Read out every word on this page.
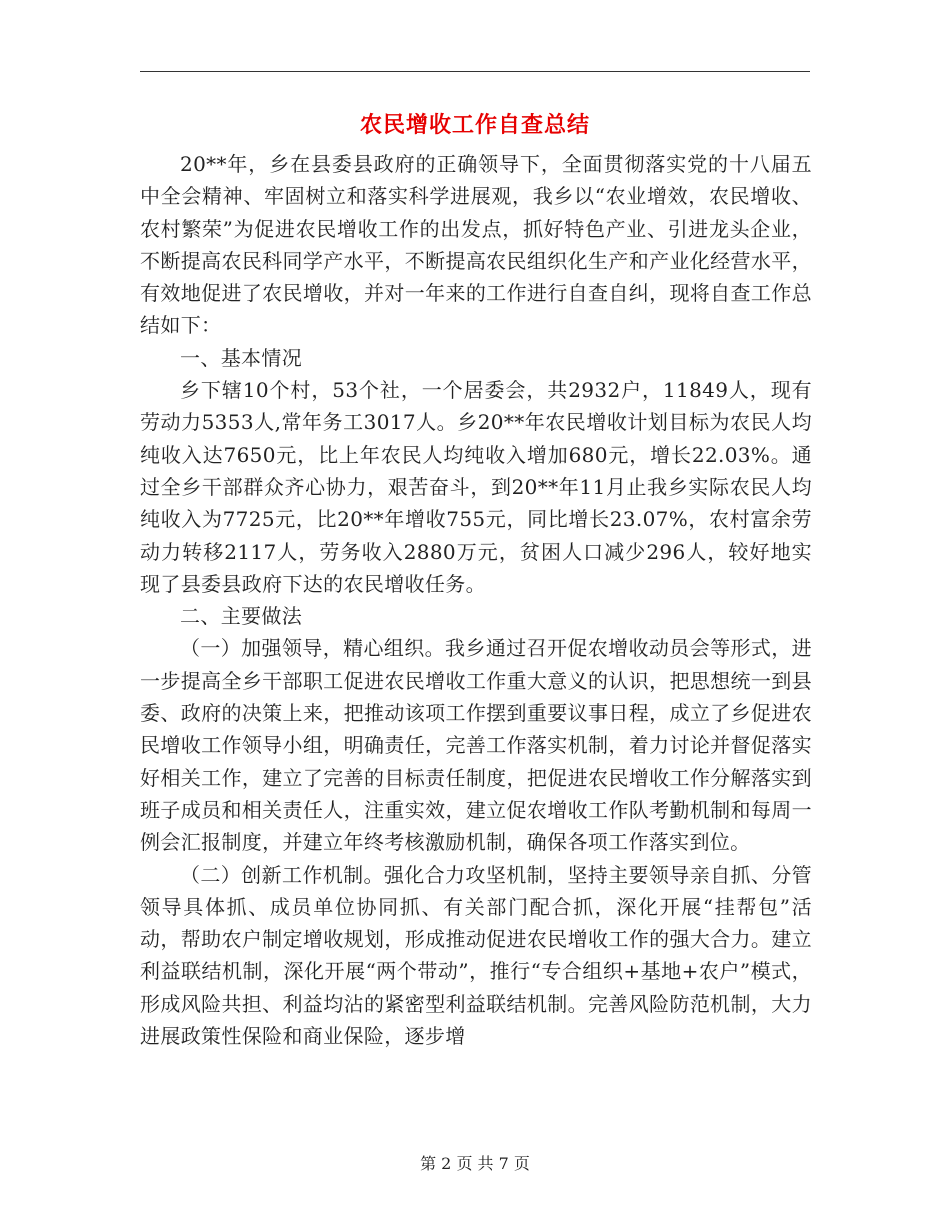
农民增收工作自查总结

20**年，乡在县委县政府的正确领导下，全面贯彻落实党的十八届五中全会精神、牢固树立和落实科学进展观，我乡以“农业增效，农民增收、农村繁荣”为促进农民增收工作的出发点，抓好特色产业、引进龙头企业，不断提高农民科同学产水平，不断提高农民组织化生产和产业化经营水平，有效地促进了农民增收，并对一年来的工作进行自查自纠，现将自查工作总结如下：

一、基本情况

乡下辖10个村，53个社，一个居委会，共2932户，11849人，现有劳动力5353人,常年务工3017人。乡20**年农民增收计划目标为农民人均纯收入达7650元，比上年农民人均纯收入增加680元，增长22.03%。通过全乡干部群众齐心协力，艰苦奋斗，到20**年11月止我乡实际农民人均纯收入为7725元，比20**年增收755元，同比增长23.07%，农村富余劳动力转移2117人，劳务收入2880万元，贫困人口减少296人，较好地实现了县委县政府下达的农民增收任务。

二、主要做法

（一）加强领导，精心组织。我乡通过召开促农增收动员会等形式，进一步提高全乡干部职工促进农民增收工作重大意义的认识，把思想统一到县委、政府的决策上来，把推动该项工作摆到重要议事日程，成立了乡促进农民增收工作领导小组，明确责任，完善工作落实机制，着力讨论并督促落实好相关工作，建立了完善的目标责任制度，把促进农民增收工作分解落实到班子成员和相关责任人，注重实效，建立促农增收工作队考勤机制和每周一例会汇报制度，并建立年终考核激励机制，确保各项工作落实到位。

（二）创新工作机制。强化合力攻坚机制，坚持主要领导亲自抓、分管领导具体抓、成员单位协同抓、有关部门配合抓，深化开展“挂帮包”活动，帮助农户制定增收规划，形成推动促进农民增收工作的强大合力。建立利益联结机制，深化开展“两个带动”，推行“专合组织+基地+农户”模式，形成风险共担、利益均沾的紧密型利益联结机制。完善风险防范机制，大力进展政策性保险和商业保险，逐步增

第 2 页 共 7 页
